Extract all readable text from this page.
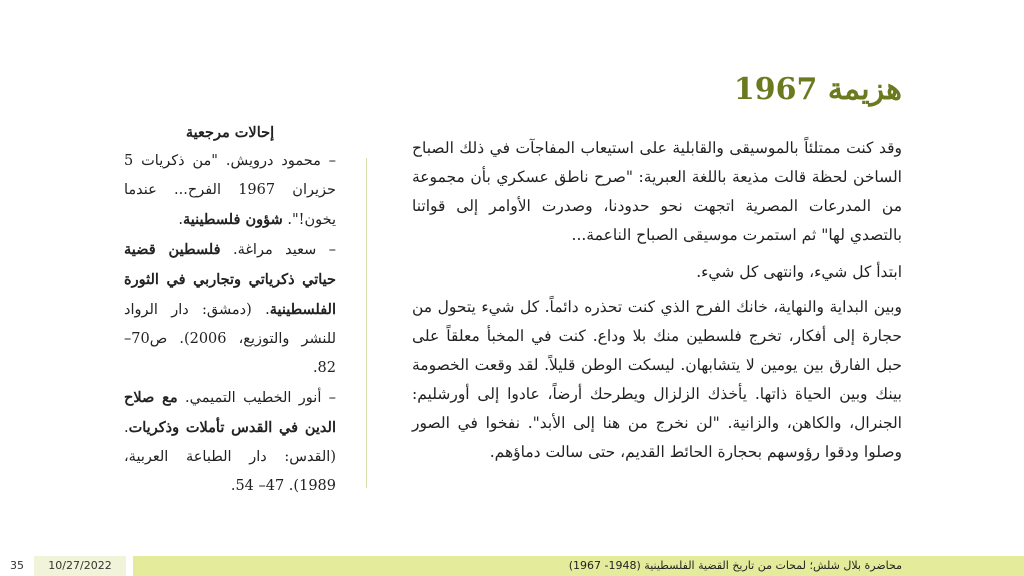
هزيمة 1967

وقد كنت ممتلئاً بالموسيقى والقابلية على استيعاب المفاجآت في ذلك الصباح الساخن لحظة قالت مذيعة باللغة العبرية: "صرح ناطق عسكري بأن مجموعة من المدرعات المصرية اتجهت نحو حدودنا، وصدرت الأوامر إلى قواتنا بالتصدي لها" ثم استمرت موسيقى الصباح الناعمة...

ابتدأ كل شيء، وانتهى كل شيء.

وبين البداية والنهاية، خانك الفرح الذي كنت تحذره دائماً. كل شيء يتحول من حجارة إلى أفكار، تخرج فلسطين منك بلا وداع. كنت في المخبأ معلقاً على حبل الفارق بين يومين لا يتشابهان. ليسكت الوطن قليلاً. لقد وقعت الخصومة بينك وبين الحياة ذاتها. يأخذك الزلزال ويطرحك أرضاً، عادوا إلى أورشليم: الجنرال، والكاهن، والزانية. "لن نخرج من هنا إلى الأبد". نفخوا في الصور وصلوا ودقوا رؤوسهم بحجارة الحائط القديم، حتى سالت دماؤهم.

إحالات مرجعية

– محمود درويش. "من ذكريات 5 حزيران 1967 الفرح... عندما يخون!". شؤون فلسطينية.

– سعيد مراغة. فلسطين قضية حياتي ذكرياتي وتجاربي في الثورة الفلسطينية. (دمشق: دار الرواد للنشر والتوزيع، 2006). ص70– 82.

– أنور الخطيب التميمي. مع صلاح الدين في القدس تأملات وذكريات. (القدس: دار الطباعة العربية، 1989). 47– 54.

35	10/27/2022	محاضرة بلال شلش؛ لمحات من تاريخ القضية الفلسطينية (1948- 1967)
